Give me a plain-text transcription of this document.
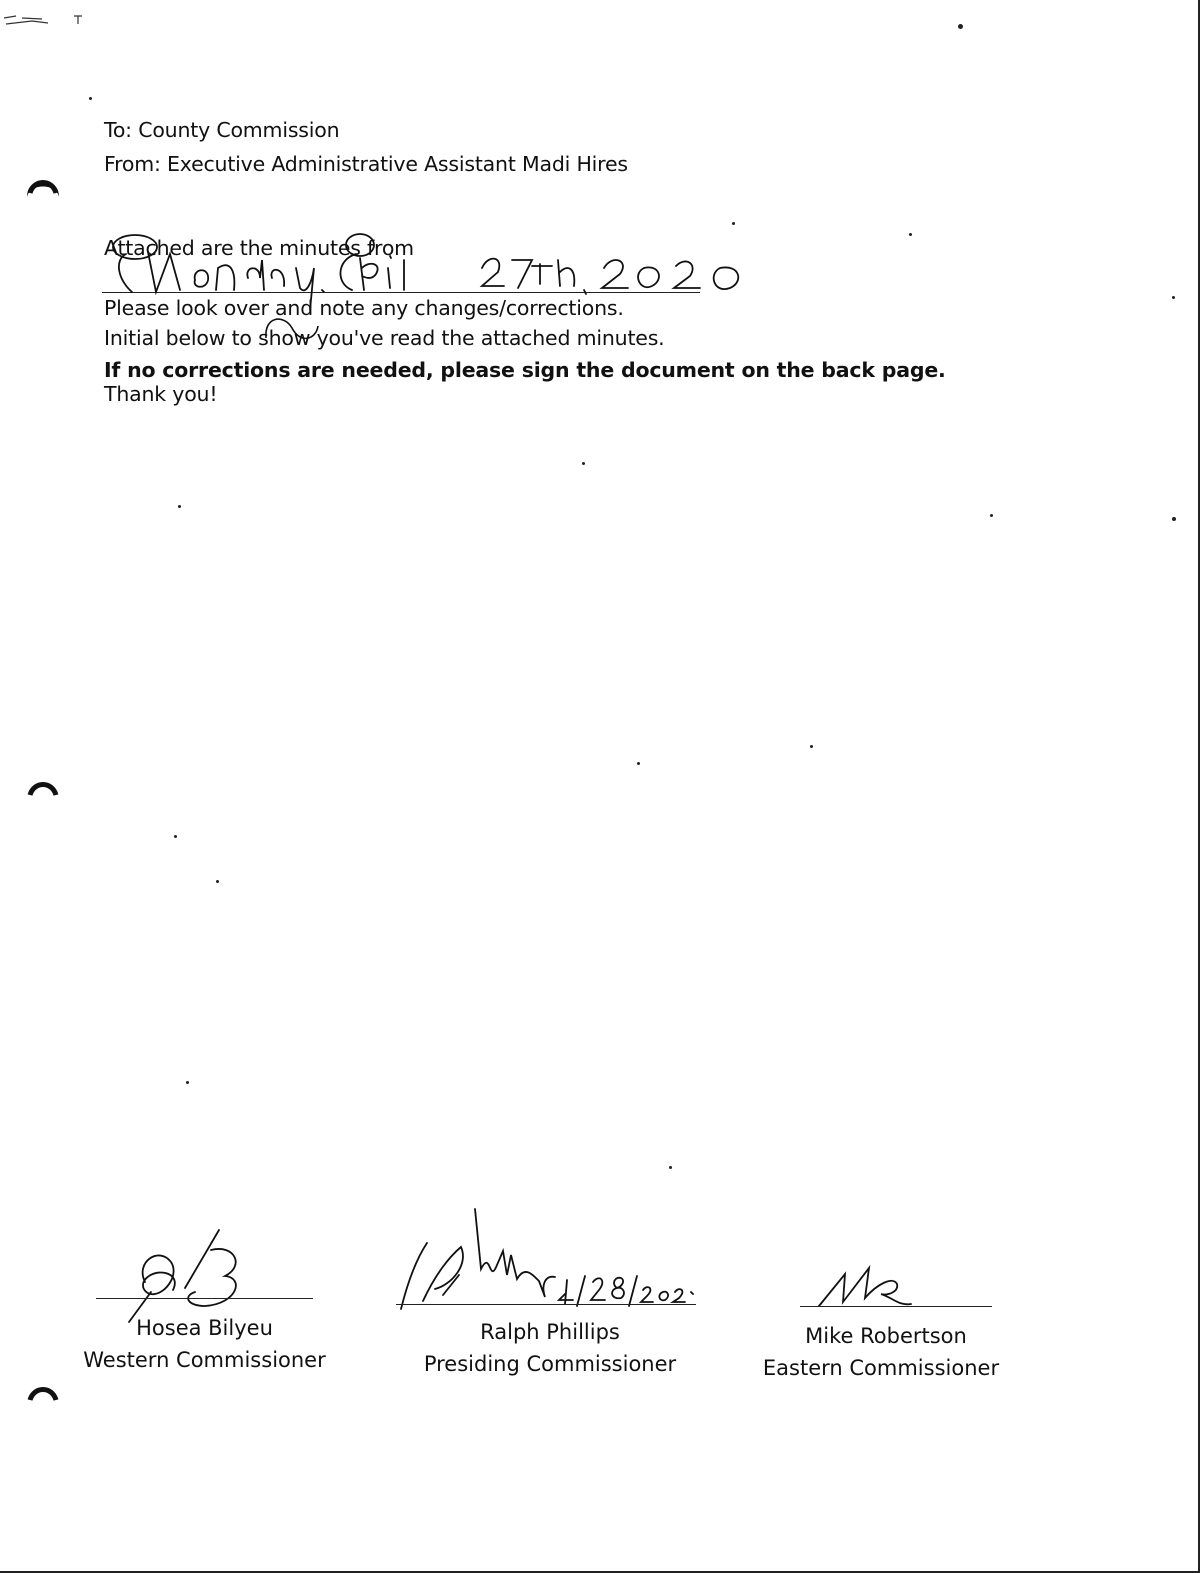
To: County Commission
From: Executive Administrative Assistant Madi Hires
Attached are the minutes from
Please look over and note any changes/corrections.
Initial below to show you've read the attached minutes.
If no corrections are needed, please sign the document on the back page.
Thank you!
Hosea Bilyeu
Western Commissioner
Ralph Phillips
Presiding Commissioner
Mike Robertson
Eastern Commissioner
